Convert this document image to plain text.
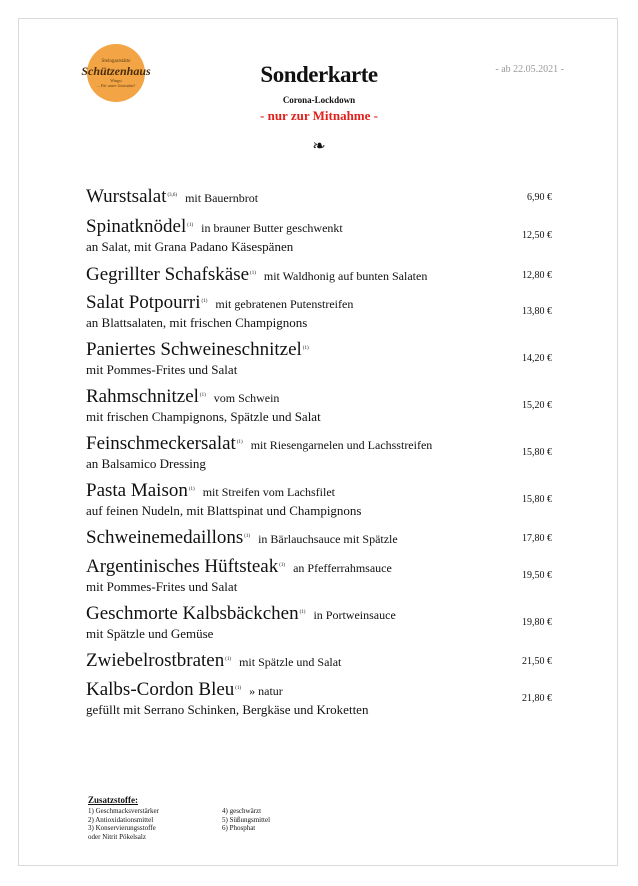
Steingaststätte
Schützenhaus
Wingst
... Für unser Gaststätte!	Sonderkarte
Corona-Lockdown
- nur zur Mitnahme -
❧
- ab 22.05.2021 -
Wurstsalat$^{(3,6)}$ mit Bauernbrot	6,90 €
Spinatknödel$^{(1)}$ in brauner Butter geschwenkt
an Salat, mit Grana Padano Käsespänen
12,50 €
Gegrillter Schafskäse$^{(1)}$ mit Waldhonig auf bunten Salaten	12,80 €
Salat Potpourri$^{(1)}$ mit gebratenen Putenstreifen
an Blattsalaten, mit frischen Champignons
13,80 €
Paniertes Schweineschnitzel$^{(1)}$
mit Pommes-Frites und Salat
14,20 €
Rahmschnitzel$^{(1)}$ vom Schwein
mit frischen Champignons, Spätzle und Salat
15,20 €
Feinschmeckersalat$^{(1)}$ mit Riesengarnelen und Lachsstreifen
an Balsamico Dressing
15,80 €
Pasta Maison$^{(1)}$ mit Streifen vom Lachsfilet
auf feinen Nudeln, mit Blattspinat und Champignons
15,80 €
Schweinemedaillons$^{(1)}$ in Bärlauchsauce mit Spätzle	17,80 €
Argentinisches Hüftsteak$^{(1)}$ an Pfefferrahmsauce
mit Pommes-Frites und Salat
19,50 €
Geschmorte Kalbsbäckchen$^{(1)}$ in Portweinsauce
mit Spätzle und Gemüse
19,80 €
Zwiebelrostbraten$^{(1)}$ mit Spätzle und Salat	21,50 €
Kalbs-Cordon Bleu$^{(1)}$ » natur
gefüllt mit Serrano Schinken, Bergkäse und Kroketten
21,80 €
Zusatzstoffe:
1) Geschmacksverstärker
2) Antioxidationsmittel
3) Konservierungsstoffe
oder Nitrit Pökelsalz
4) geschwärzt
5) Süßungsmittel
6) Phosphat
